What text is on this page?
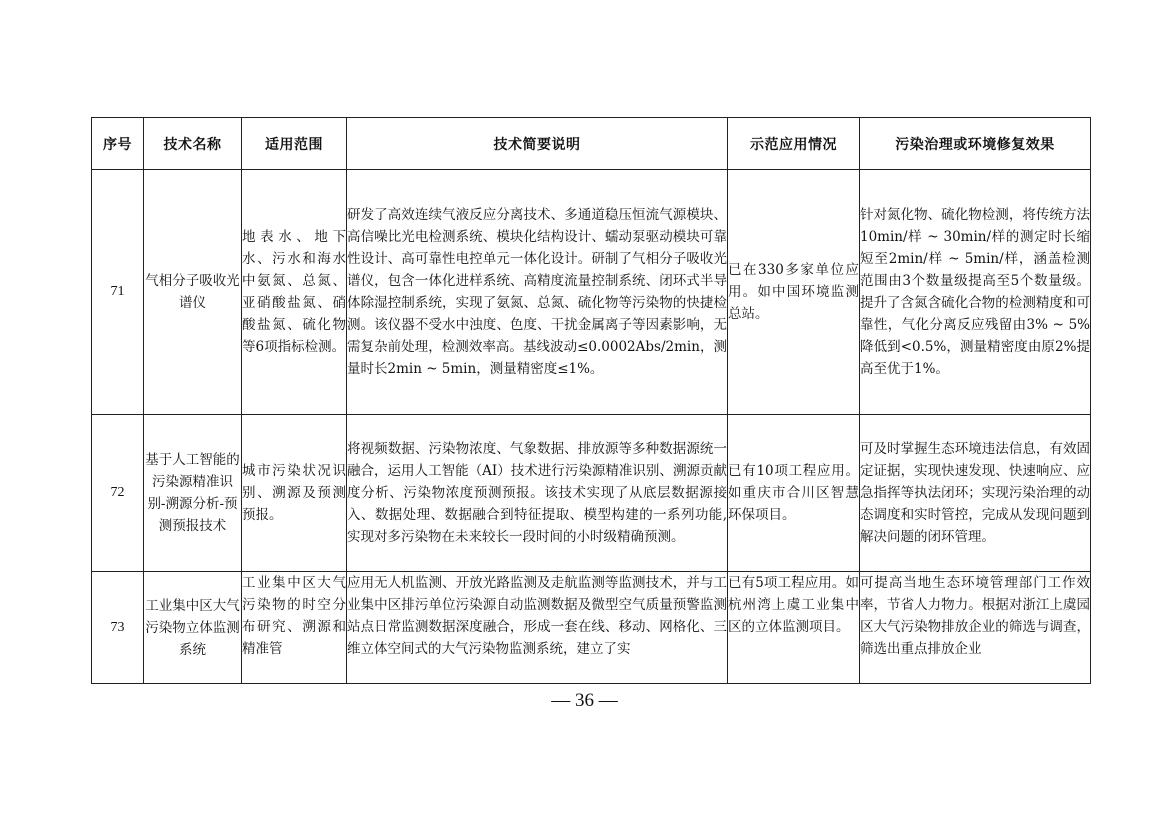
序号	技术名称	适用范围	技术简要说明	示范应用情况	污染治理或环境修复效果
71	气相分子吸收光谱仪	地表水、地下水、污水和海水中氨氮、总氮、亚硝酸盐氮、硝酸盐氮、硫化物等6项指标检测。	研发了高效连续气液反应分离技术、多通道稳压恒流气源模块、高信噪比光电检测系统、模块化结构设计、蠕动泵驱动模块可靠性设计、高可靠性电控单元一体化设计。研制了气相分子吸收光谱仪，包含一体化进样系统、高精度流量控制系统、闭环式半导体除湿控制系统，实现了氨氮、总氮、硫化物等污染物的快捷检测。该仪器不受水中浊度、色度、干扰金属离子等因素影响，无需复杂前处理，检测效率高。基线波动≤0.0002Abs/2min，测量时长2min ~ 5min，测量精密度≤1%。	已在330多家单位应用。如中国环境监测总站。	针对氮化物、硫化物检测，将传统方法10min/样 ~ 30min/样的测定时长缩短至2min/样 ~ 5min/样，涵盖检测范围由3个数量级提高至5个数量级。提升了含氮含硫化合物的检测精度和可靠性，气化分离反应残留由3% ~ 5%降低到<0.5%，测量精密度由原2%提高至优于1%。
72	基于人工智能的污染源精准识别-溯源分析-预测预报技术	城市污染状况识别、溯源及预测预报。	将视频数据、污染物浓度、气象数据、排放源等多种数据源统一融合，运用人工智能（AI）技术进行污染源精准识别、溯源贡献度分析、污染物浓度预测预报。该技术实现了从底层数据源接入、数据处理、数据融合到特征提取、模型构建的一系列功能,实现对多污染物在未来较长一段时间的小时级精确预测。	已有10项工程应用。如重庆市合川区智慧环保项目。	可及时掌握生态环境违法信息，有效固定证据，实现快速发现、快速响应、应急指挥等执法闭环；实现污染治理的动态调度和实时管控，完成从发现问题到解决问题的闭环管理。
73	工业集中区大气污染物立体监测系统	工业集中区大气污染物的时空分布研究、溯源和精准管	应用无人机监测、开放光路监测及走航监测等监测技术，并与工业集中区排污单位污染源自动监测数据及微型空气质量预警监测站点日常监测数据深度融合，形成一套在线、移动、网格化、三维立体空间式的大气污染物监测系统，建立了实	已有5项工程应用。如杭州湾上虞工业集中区的立体监测项目。	可提高当地生态环境管理部门工作效率，节省人力物力。根据对浙江上虞园区大气污染物排放企业的筛选与调查，筛选出重点排放企业
— 36 —
